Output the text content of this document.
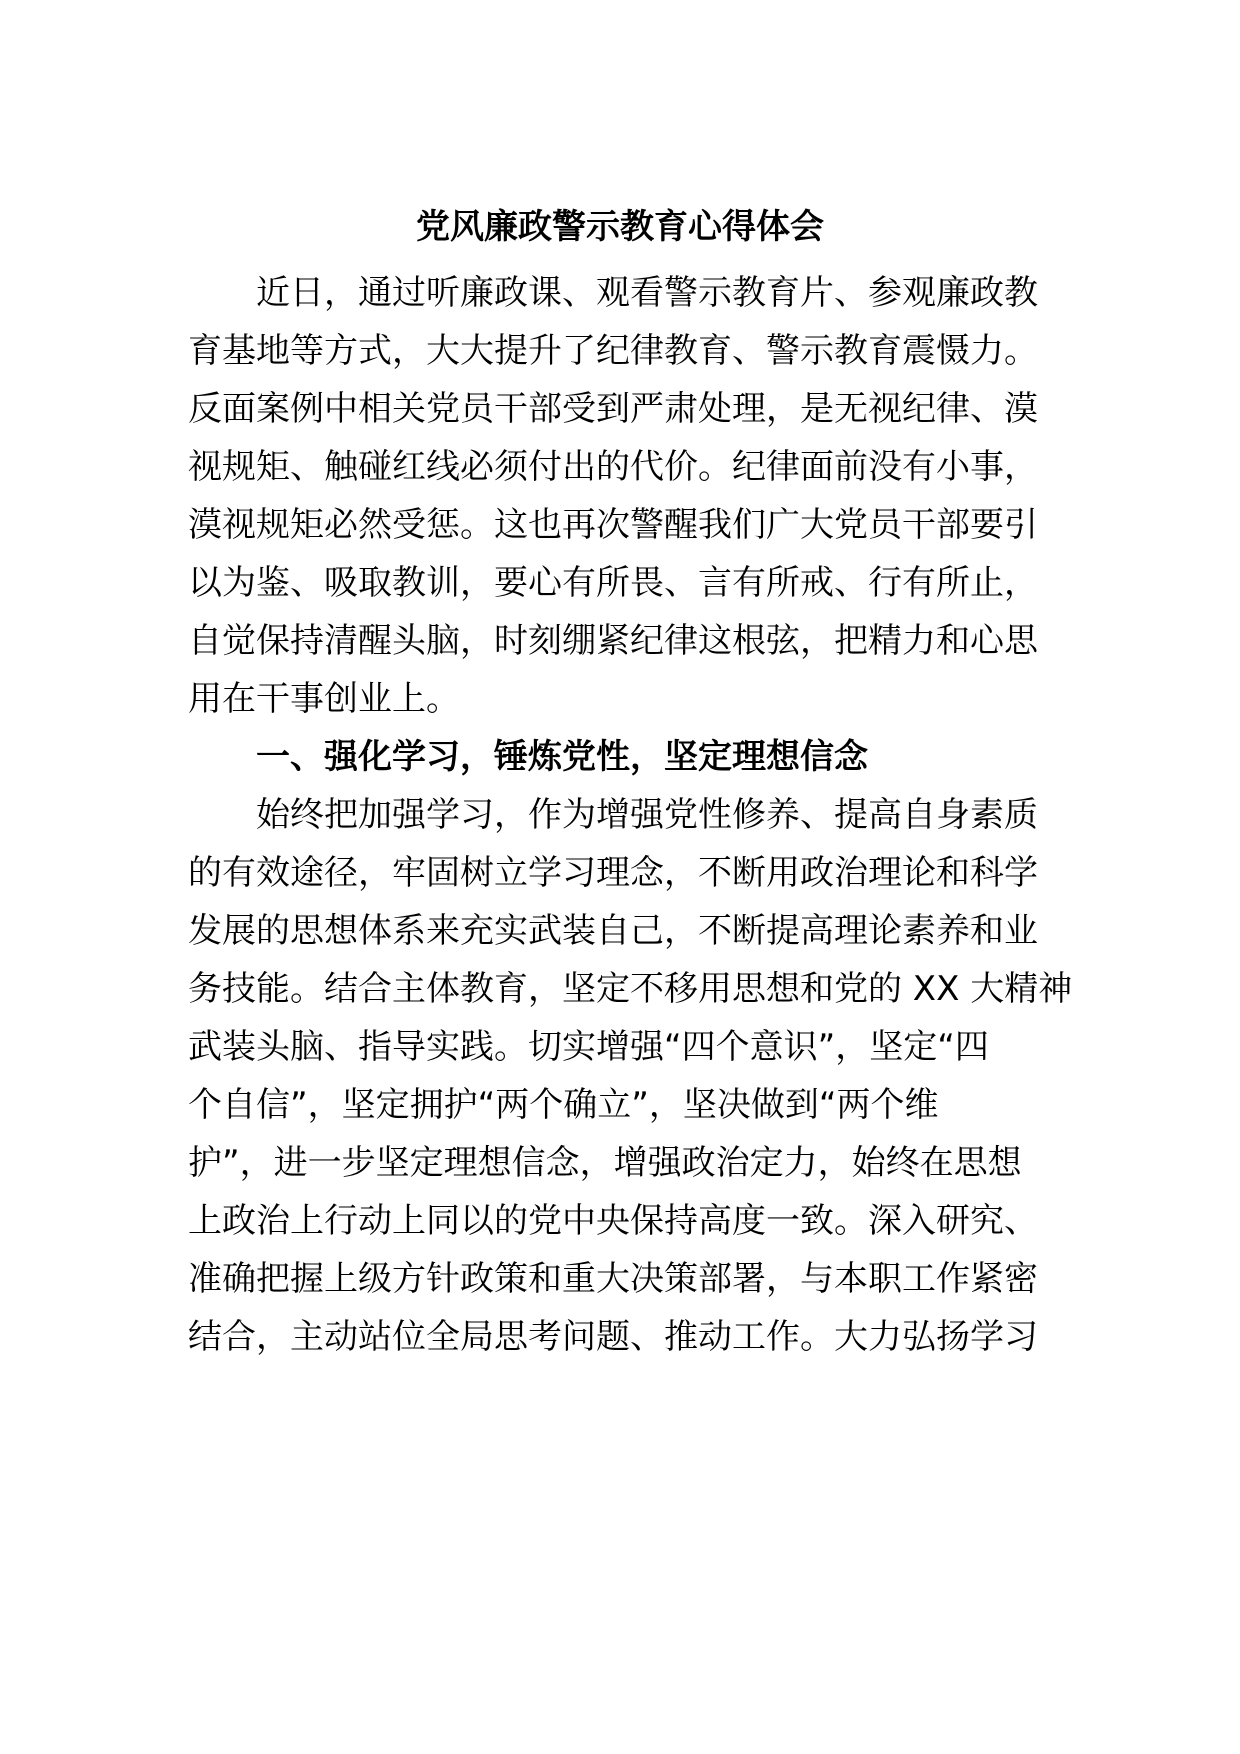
党风廉政警示教育心得体会

近日，通过听廉政课、观看警示教育片、参观廉政教

育基地等方式，大大提升了纪律教育、警示教育震慑力。

反面案例中相关党员干部受到严肃处理，是无视纪律、漠

视规矩、触碰红线必须付出的代价。纪律面前没有小事，

漠视规矩必然受惩。这也再次警醒我们广大党员干部要引

以为鉴、吸取教训，要心有所畏、言有所戒、行有所止，

自觉保持清醒头脑，时刻绷紧纪律这根弦，把精力和心思

用在干事创业上。

一、强化学习，锤炼党性，坚定理想信念

始终把加强学习，作为增强党性修养、提高自身素质

的有效途径，牢固树立学习理念，不断用政治理论和科学

发展的思想体系来充实武装自己，不断提高理论素养和业

务技能。结合主体教育，坚定不移用思想和党的 XX 大精神

武装头脑、指导实践。切实增强“四个意识”，坚定“四

个自信”，坚定拥护“两个确立”，坚决做到“两个维

护”，进一步坚定理想信念，增强政治定力，始终在思想

上政治上行动上同以的党中央保持高度一致。深入研究、

准确把握上级方针政策和重大决策部署，与本职工作紧密

结合，主动站位全局思考问题、推动工作。大力弘扬学习
